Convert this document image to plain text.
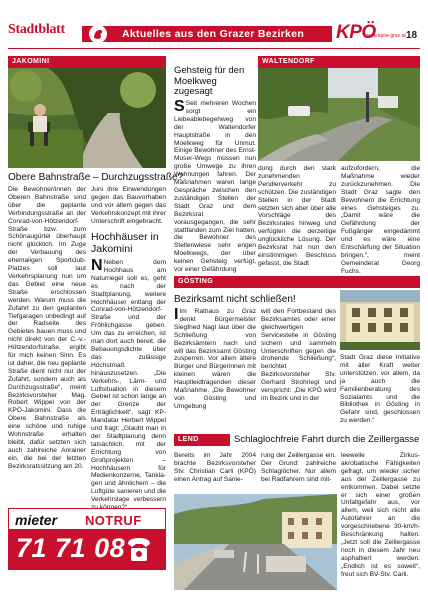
Stadtblatt	Aktuelles aus den Grazer Bezirken KPÖ
www.kpoe-graz.at 18
JAKOMINI
Obere Bahnstraße – Durchzugsstraße?
Die Bewohner/innen der Oberen Bahnstraße sind über die geplante Verbindungsstraße an der Conrad-von-Hötzendorf-Straße bzw. zum Schönaugürtel überhaupt nicht glücklich. Im Zuge der Verbauung des ehemaligen Sportclub-Platzes soll laut Verkehrsplanung nun um das Gebiet eine neue Straße erschlossen werden. Warum muss die Zufahrt zu den geplanten Tiefgaragen unbedingt auf der Radseite des Gebietes bauen muss und nicht direkt von der C.-v.-Hötzendorfstraße, ergibt für mich keinen Sinn. Es ist daher, die neu geplante Straße dient nicht nur der Zufahrt, sondern auch als Durchzugsstraße“, meint Bezirksvorsteher Mag. Robert Wippel von der KPÖ-Jakomini. Dass die Obere Bahnstraße als eine schöne und ruhige Wohnstraße erhalten bleibt, dafür setzten sich auch zahlreiche Anrainer ein, die bei der letzten Bezirksratssitzung am 20.
Juni ihre Einwendungen gegen das Bauvorhaben und vor allem gegen das Verkehrskonzept mit ihrer Unterschrift eingebracht.
Hochhäuser in Jakomini
N Neben dem Hochhaus am Naturriegel soll es, geht es nach der Stadtplanung, weitere Hochhäuser entlang der Conrad-von-Hötzendorf-Straße und der Fröhlichgasse geben. Um das zu erreichen, ist man dort auch bereit, die Bebauungsdichte über das zulässige Höchstmaß hinauszusetzen. „Die Verkehrs-, Lärm- und Luftsituation in diesem Gebiet ist schon lange an der Grenze der Erträglichkeit“, sagt KP-Mandatar Herbert Wippel und fragt: „Glaubt man in der Stadtplanung denn tatsächlich, mit der Errichtung von Großprojekten – Hochhäusern für Medienkonzerne, Tankla-gen und ähnlichem – die Luftgüte sanieren und die Verkehrslage verbessern
mieter NOTRUF
71 71 08
Gehsteig für den Moelkweg zugesagt
S Seit mehreren Wochen sorgt ein Liebeablebegehweg von der Waltendorfer Hauptstraße in den Moelkweg für Unmut. Einige Bewohner des Ernst-Moser-Wegs müssen nun große Umwege zu ihren Wohnungen fahren. Der Maßnahmen waren lange Gespräche zwischen den zuständigen Stellen der Stadt Graz und dem Bezirksrat vorausgegangen, die sehr stattfanden zum Ziel hatten, die Bewohner des Stellenwiese sehr engen Moelkwegs, der über keinen Gehsteig verfügt, vor einer Gefährdung
WALTENDORF
dung durch den stark zunehmenden Pendlerverkehr zu schützen. Die zuständigen Stellen in der Stadt setzten sich aber über alle Vorschläge des Bezirksrates hinweg und verfügten die derzeitige unglückliche Lösung. Der Bezirksrat hat nun den einstimmigen Beschluss gefasst, die Stadt
aufzufordern, die Maßnahme wieder zurückzunehmen. Die Stadt Graz sagte den Bewohnern die Errichtung eines Gehsteiges zu. „Damit wäre die Gefährdung der Fußgänger eingedämmt und es wäre eine Entschärfung der Situation bringen.“, meint Gemeinderat Georg Fuchs.
GÖSTING
Bezirksamt nicht schließen!
I Im Rathaus zu Graz denkt Bürgermeister Siegfried Nagl laut über die Schließung von Bezirksämtern nach und will das Bezirksamt Gösting zusperren. Vor allem ältere Bürger und Bürgerinnen mit kleinen wären die Hauptleidtragenden dieser Maßnahme. „Die Bewohner von Gösting und Umgebung
will den Fortbestand des Bezirksamtes oder einer gleichwertigen Servicestelle in Gösting sichern und sammeln Unterschriften gegen die drohende Schließung“, berichtet Bezirksvorsteher Stv. Gerhard Strohriegl und verspricht: „Die KPÖ wird im Bezirk und in der
Stadt Graz diese Initiative mit aller Kraft weiter unterstützen, vor allem, da ja auch die Familienberatung des Sozialamts und die Bibliothek in Gösting in Gefahr sind, geschlossen zu werden.“
LEND	Schlaglochfreie Fahrt durch die Zeillergasse
Bereits im Jahr 2004 brachte Bezirksvorsteher Stv. Christian Carli (KPÖ) einen Antrag auf Sanie-
rung der Zeillergasse ein. Der Grund: zahlreiche Schlaglöcher. Nur allem bei Radfahrern sind mit-
leewelle Zirkus-akrobatische Fähigkeiten gefragt, um wieder sicher aus der Zeillergasse zu entkommen. Dabei setzte er sich einer großen Unfallgefahr aus, vor allem, weil sich nicht alle Autofahrer an die vorgeschriebene 30-km/h-Beschränkung halten. „Jetzt soll die Zeillergasse noch in diesem Jahr neu asphaltiert werden. „Endlich ist es soweit“, freut sich BV-Stv. Carli.
